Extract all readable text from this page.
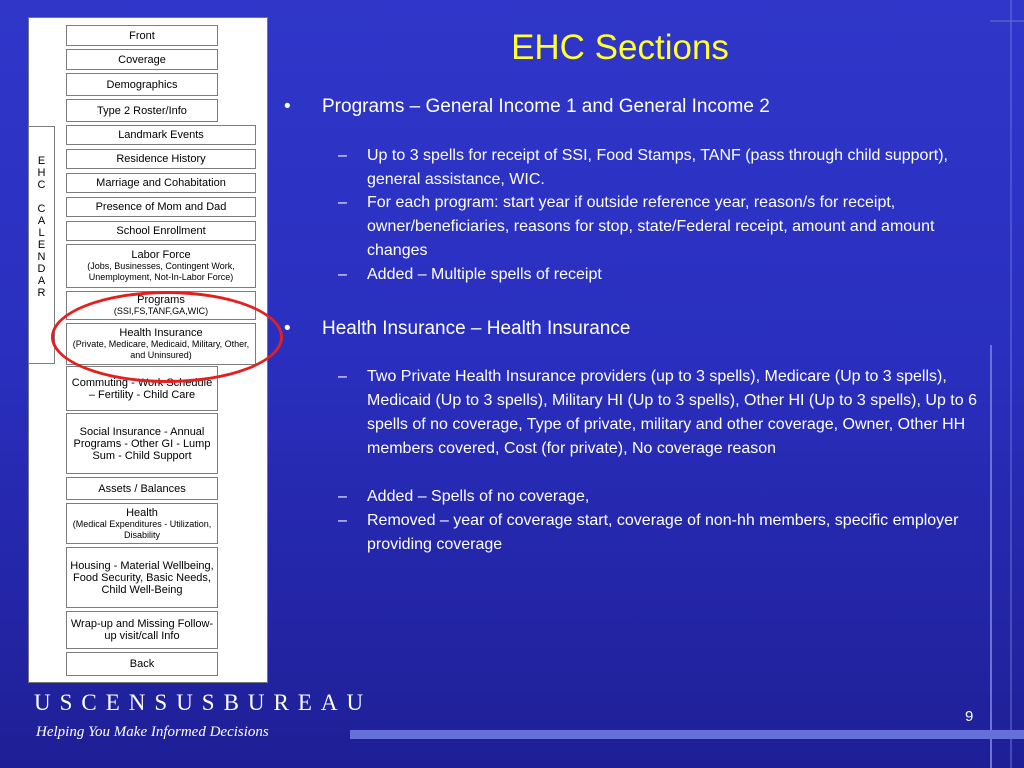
E
H
C
C
A
L
E
N
D
A
R
Front
Coverage
Demographics
Type 2 Roster/Info
Landmark Events
Residence History
Marriage and Cohabitation
Presence of Mom and Dad
School Enrollment
Labor Force
(Jobs, Businesses, Contingent Work, Unemployment, Not-In-Labor Force)
Programs
(SSI,FS,TANF,GA,WIC)
Health Insurance
(Private, Medicare, Medicaid, Military, Other, and Uninsured)
Commuting - Work Schedule – Fertility - Child Care
Social Insurance - Annual Programs - Other GI - Lump Sum - Child Support
Assets / Balances
Health
(Medical Expenditures - Utilization, Disability
Housing - Material Wellbeing, Food Security, Basic Needs, Child Well-Being
Wrap-up and Missing Follow-up visit/call Info
Back
EHC Sections
• Programs – General Income 1 and General Income 2
– Up to 3 spells for receipt of SSI, Food Stamps, TANF (pass through child support), general assistance, WIC.
– For each program: start year if outside reference year, reason/s for receipt, owner/beneficiaries, reasons for stop, state/Federal receipt, amount and amount changes
– Added – Multiple spells of receipt
• Health Insurance – Health Insurance
– Two Private Health Insurance providers (up to 3 spells), Medicare (Up to 3 spells), Medicaid (Up to 3 spells), Military HI (Up to 3 spells), Other HI (Up to 3 spells), Up to 6 spells of no coverage, Type of private, military and other coverage, Owner, Other HH members covered, Cost (for private), No coverage reason
– Added – Spells of no coverage,
– Removed – year of coverage start, coverage of non-hh members, specific employer providing coverage
USCENSUSBUREAU
Helping You Make Informed Decisions
9
